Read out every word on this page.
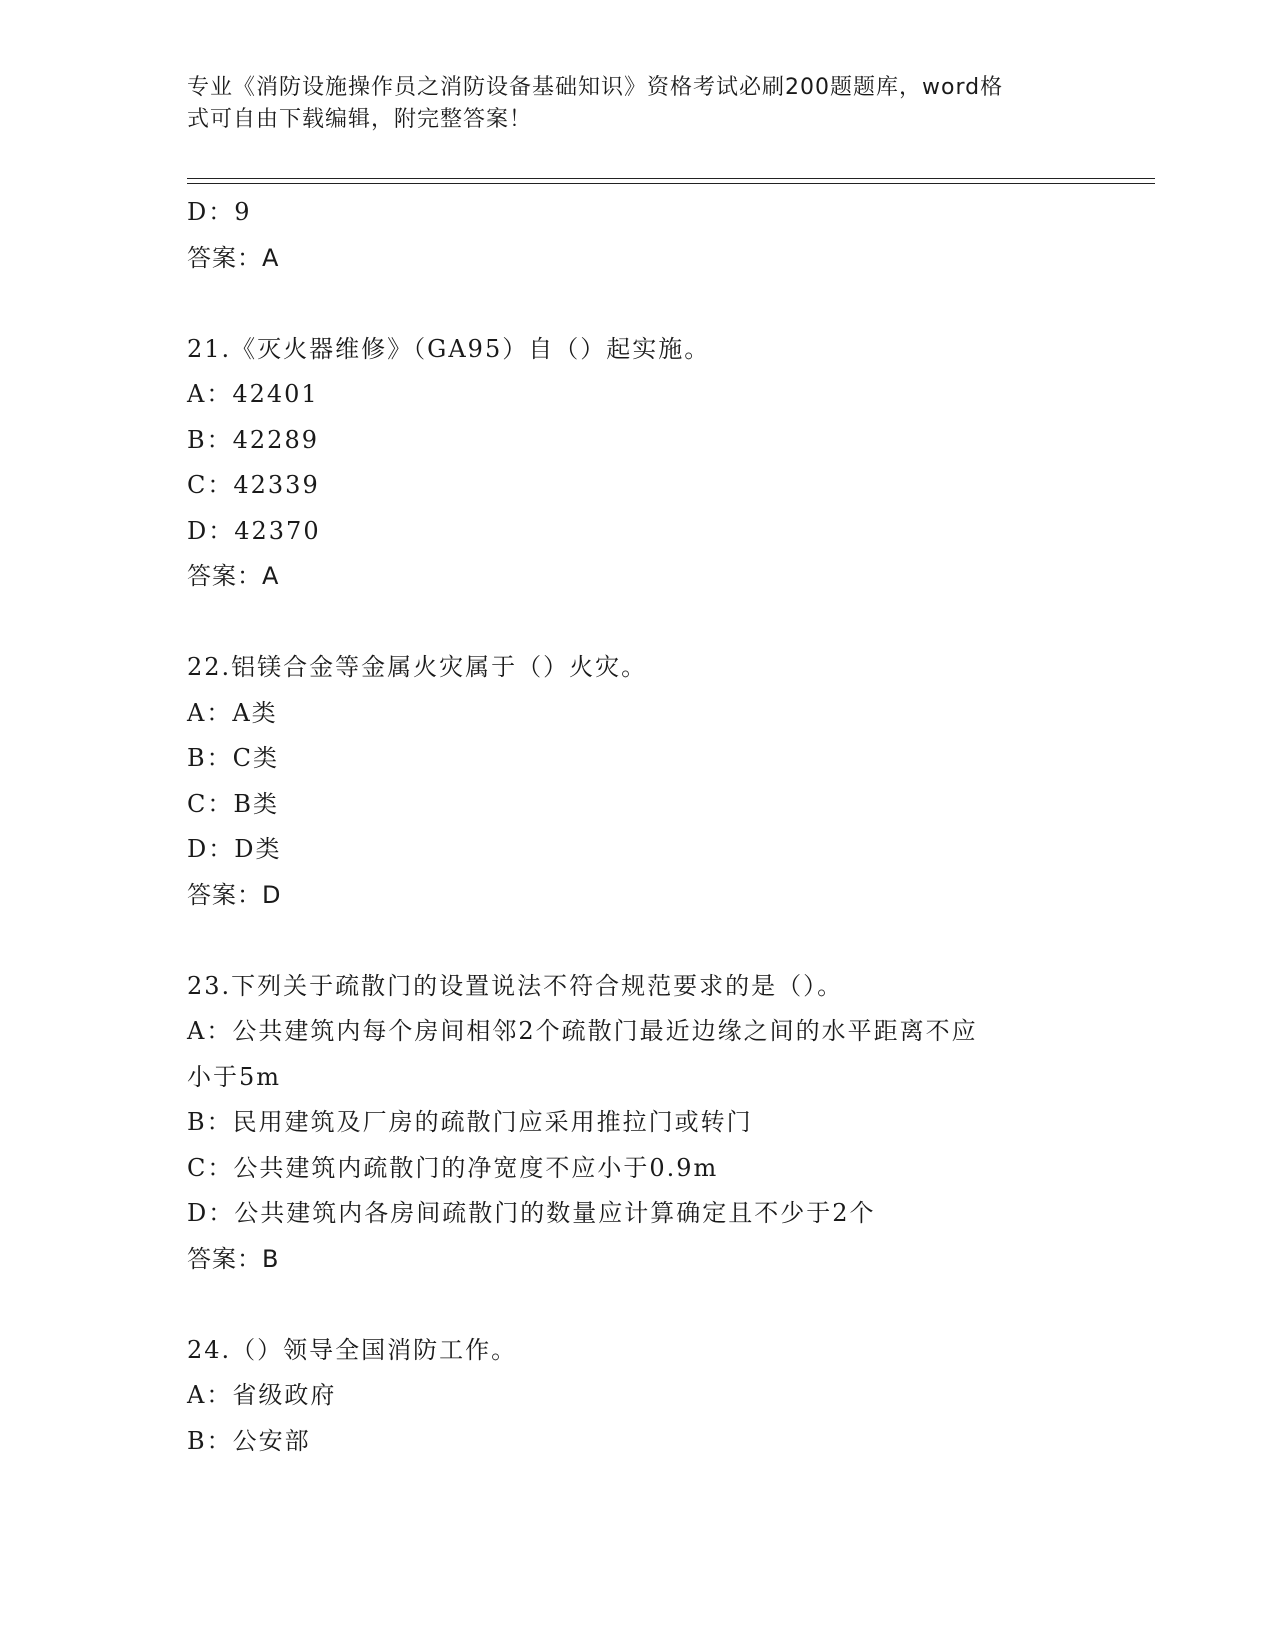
专业《消防设施操作员之消防设备基础知识》资格考试必刷200题题库，word格
式可自由下载编辑，附完整答案！
D：9
答案：A
21.《灭火器维修》（GA95）自（）起实施。
A：42401
B：42289
C：42339
D：42370
答案：A
22.铝镁合金等金属火灾属于（）火灾。
A：A类
B：C类
C：B类
D：D类
答案：D
23.下列关于疏散门的设置说法不符合规范要求的是（）。
A：公共建筑内每个房间相邻2个疏散门最近边缘之间的水平距离不应
小于5m
B：民用建筑及厂房的疏散门应采用推拉门或转门
C：公共建筑内疏散门的净宽度不应小于0.9m
D：公共建筑内各房间疏散门的数量应计算确定且不少于2个
答案：B
24.（）领导全国消防工作。
A：省级政府
B：公安部
